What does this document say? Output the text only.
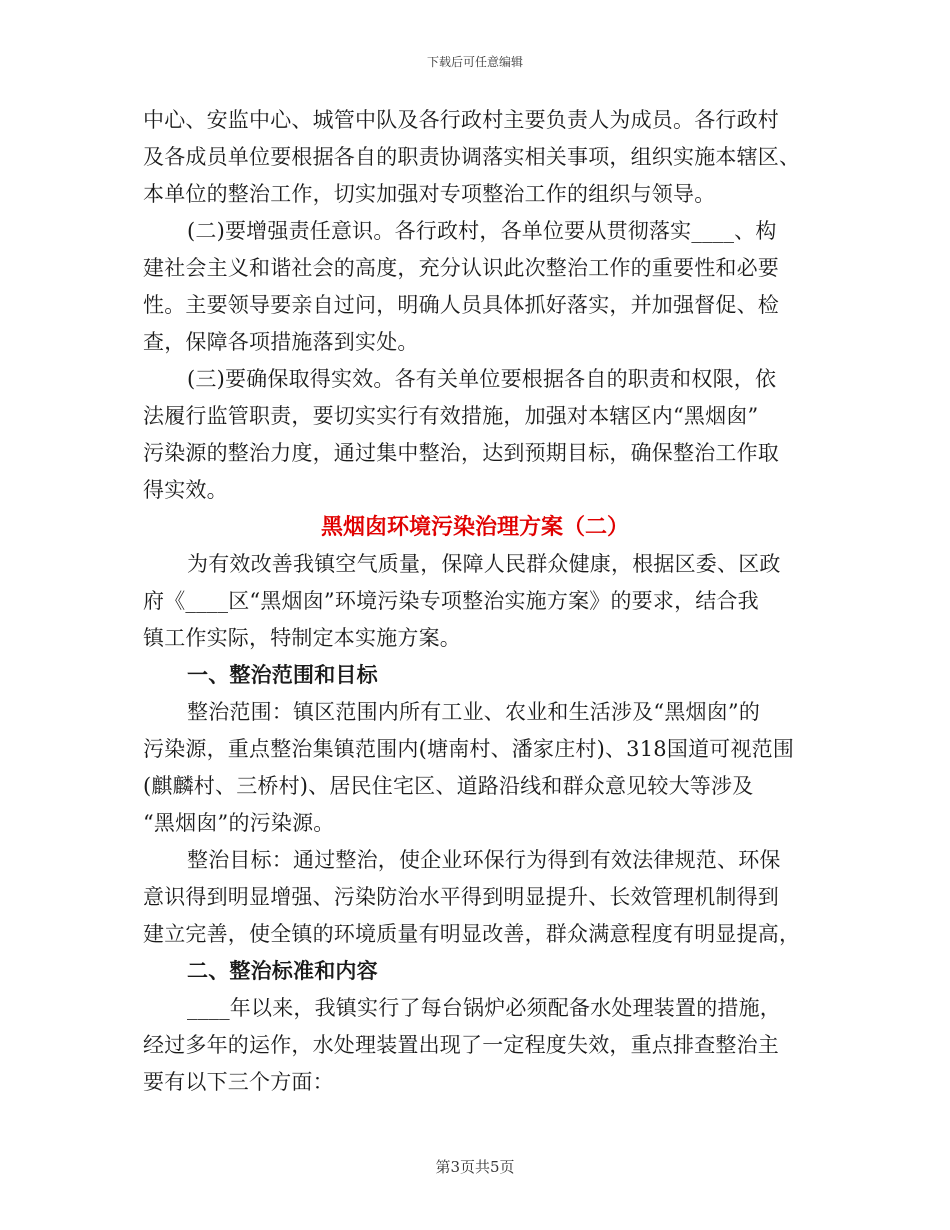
下载后可任意编辑
中心、安监中心、城管中队及各行政村主要负责人为成员。各行政村
及各成员单位要根据各自的职责协调落实相关事项，组织实施本辖区、
本单位的整治工作，切实加强对专项整治工作的组织与领导。
(二)要增强责任意识。各行政村，各单位要从贯彻落实____、构
建社会主义和谐社会的高度，充分认识此次整治工作的重要性和必要
性。主要领导要亲自过问，明确人员具体抓好落实，并加强督促、检
查，保障各项措施落到实处。
(三)要确保取得实效。各有关单位要根据各自的职责和权限，依
法履行监管职责，要切实实行有效措施，加强对本辖区内“黑烟囱”
污染源的整治力度，通过集中整治，达到预期目标，确保整治工作取
得实效。
黑烟囱环境污染治理方案（二）
为有效改善我镇空气质量，保障人民群众健康，根据区委、区政
府《____区“黑烟囱”环境污染专项整治实施方案》的要求，结合我
镇工作实际，特制定本实施方案。
一、整治范围和目标
整治范围：镇区范围内所有工业、农业和生活涉及“黑烟囱”的
污染源，重点整治集镇范围内(塘南村、潘家庄村)、318国道可视范围
(麒麟村、三桥村)、居民住宅区、道路沿线和群众意见较大等涉及
“黑烟囱”的污染源。
整治目标：通过整治，使企业环保行为得到有效法律规范、环保
意识得到明显增强、污染防治水平得到明显提升、长效管理机制得到
建立完善，使全镇的环境质量有明显改善，群众满意程度有明显提高，
二、整治标准和内容
____年以来，我镇实行了每台锅炉必须配备水处理装置的措施，
经过多年的运作，水处理装置出现了一定程度失效，重点排查整治主
要有以下三个方面：
第3页共5页
